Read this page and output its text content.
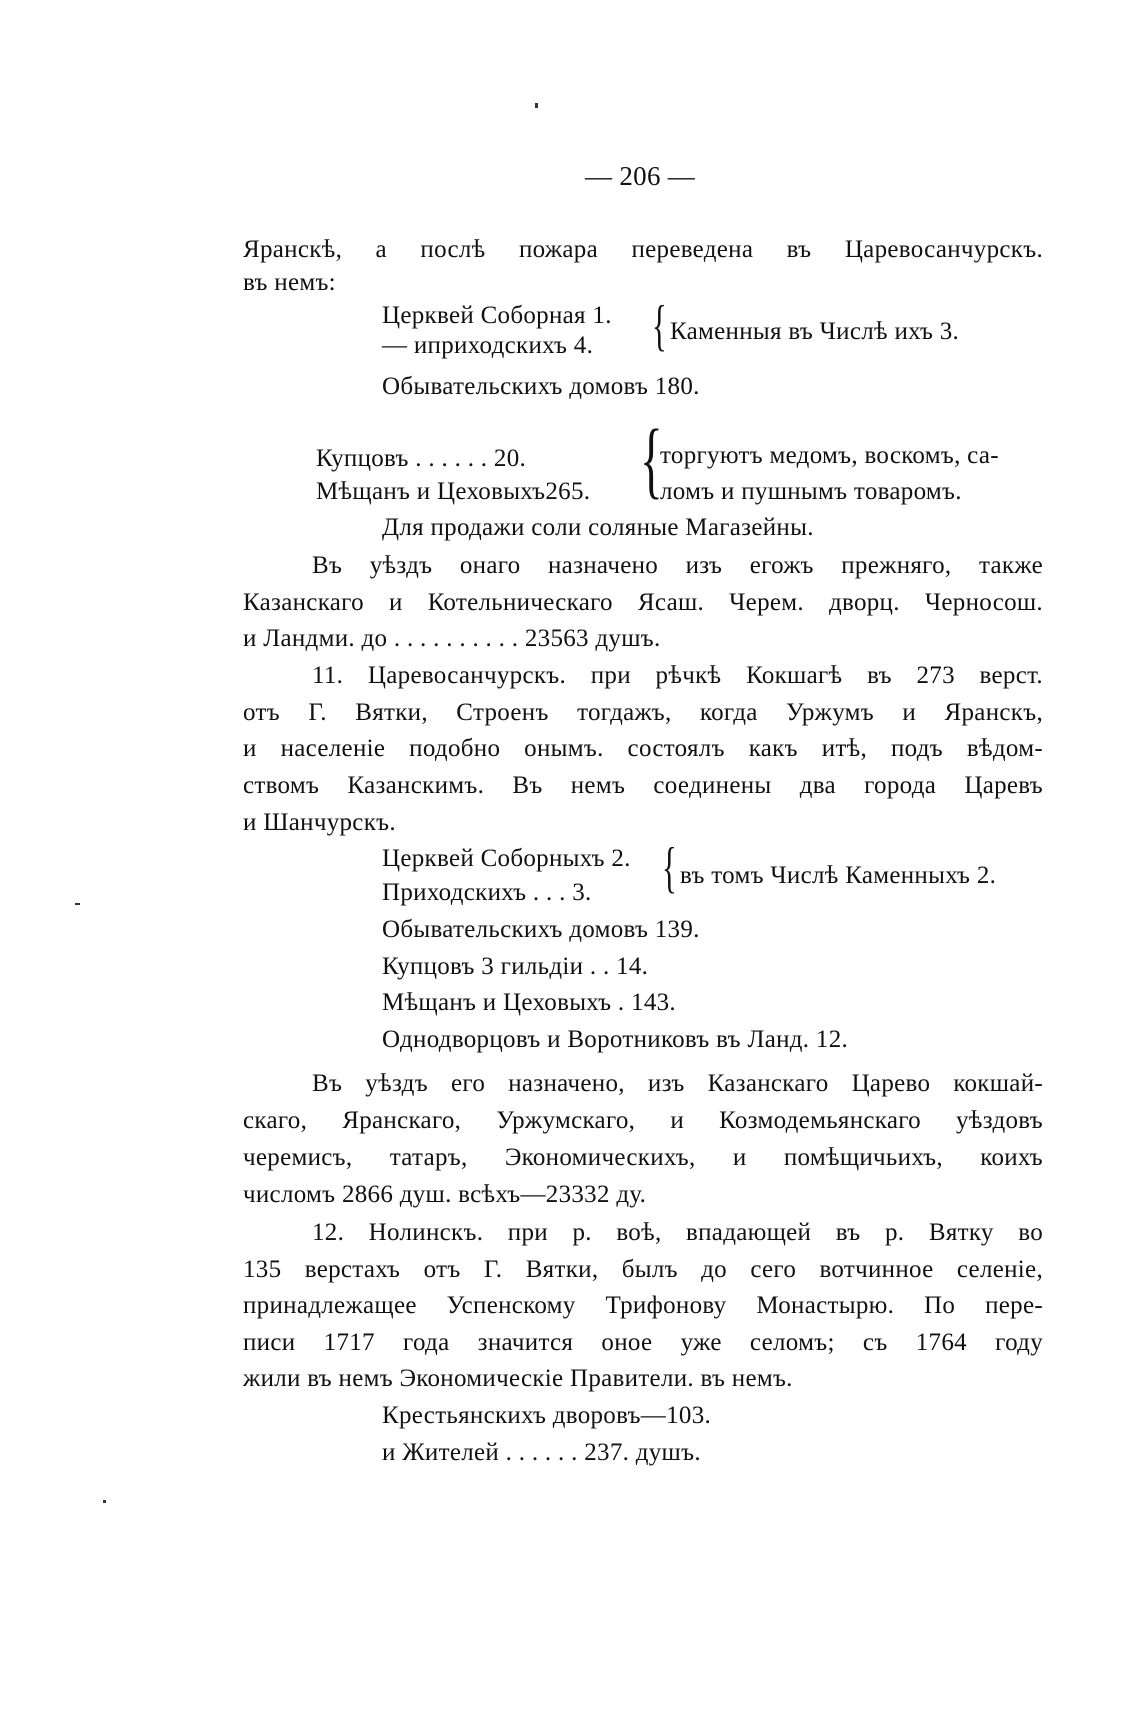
— 206 —
Яранскѣ, а послѣ пожара переведена въ Царевосанчурскъ.
въ немъ:
Церквей Соборная 1.
— иприходскихъ 4. { Каменныя въ Числѣ ихъ 3.
Обывательскихъ домовъ 180.
Купцовъ . . . . . . 20.
Мѣщанъ и Цеховыхъ265. {
торгуютъ медомъ, воскомъ, са-
ломъ и пушнымъ товаромъ.
Для продажи соли соляные Магазейны.
Въ уѣздъ онаго назначено изъ егожъ прежняго, также
Казанскаго и Котельническаго Ясаш. Черем. дворц. Черносош.
и Ландми. до . . . . . . . . . . 23563 душъ.
11. Царевосанчурскъ. при рѣчкѣ Кокшагѣ въ 273 верст.
отъ Г. Вятки, Строенъ тогдажъ, когда Уржумъ и Яранскъ,
и населеніе подобно онымъ. состоялъ какъ итѣ, подъ вѣдом-
ствомъ Казанскимъ. Въ немъ соединены два города Царевъ
и Шанчурскъ.
Церквей Соборныхъ 2.
Приходскихъ . . . 3. { въ томъ Числѣ Каменныхъ 2.
Обывательскихъ домовъ 139.
Купцовъ 3 гильдіи . . 14.
Мѣщанъ и Цеховыхъ . 143.
Однодворцовъ и Воротниковъ въ Ланд. 12.
Въ уѣздъ его назначено, изъ Казанскаго Царево кокшай-
скаго, Яранскаго, Уржумскаго, и Козмодемьянскаго уѣздовъ
черемисъ, татаръ, Экономическихъ, и помѣщичьихъ, коихъ
числомъ 2866 душ. всѣхъ—23332 ду.
12. Нолинскъ. при р. воѣ, впадающей въ р. Вятку во
135 верстахъ отъ Г. Вятки, былъ до сего вотчинное селеніе,
принадлежащее Успенскому Трифонову Монастырю. По пере-
писи 1717 года значится оное уже селомъ; съ 1764 году
жили въ немъ Экономическіе Правители. въ немъ.
Крестьянскихъ дворовъ—103.
и Жителей . . . . . . 237. душъ.
